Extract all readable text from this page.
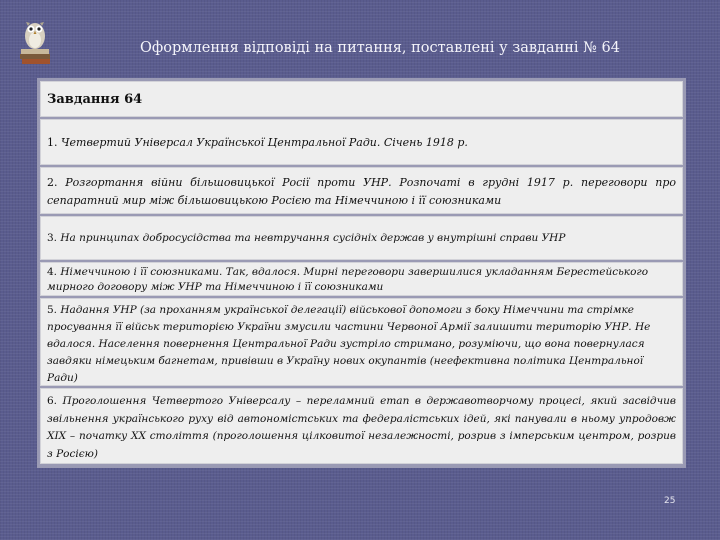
Оформлення відповіді на питання, поставлені у завданні № 64
Завдання 64
1. Четвертий Універсал Української Центральної Ради. Січень 1918 р.
2. Розгортання війни більшовицької Росії проти УНР. Розпочаті в грудні 1917 р. переговори про сепаратний мир між більшовицькою Росією та Німеччиною і її союзниками
3. На принципах добросусідства та невтручання сусідніх держав у внутрішні справи УНР
4. Німеччиною і її союзниками. Так, вдалося. Мирні переговори завершилися укладанням Берестейського мирного договору між УНР та Німеччиною і її союзниками
5. Надання УНР (за проханням української делегації) військової допомоги з боку Німеччини та стрімке просування її військ територією України змусили частини Червоної Армії залишити територію УНР. Не вдалося. Населення повернення Центральної Ради зустріло стримано, розуміючи, що вона повернулася завдяки німецьким багнетам, привівши в Україну нових окупантів (неефективна політика Центральної Ради)
6. Проголошення Четвертого Універсалу – переламний етап в державотворчому процесі, який засвідчив звільнення українського руху від автономістських та федералістських ідей, які панували в ньому упродовж ХІХ – початку ХХ століття (проголошення цілковитої незалежності, розрив з імперським центром, розрив з Росією)
25
